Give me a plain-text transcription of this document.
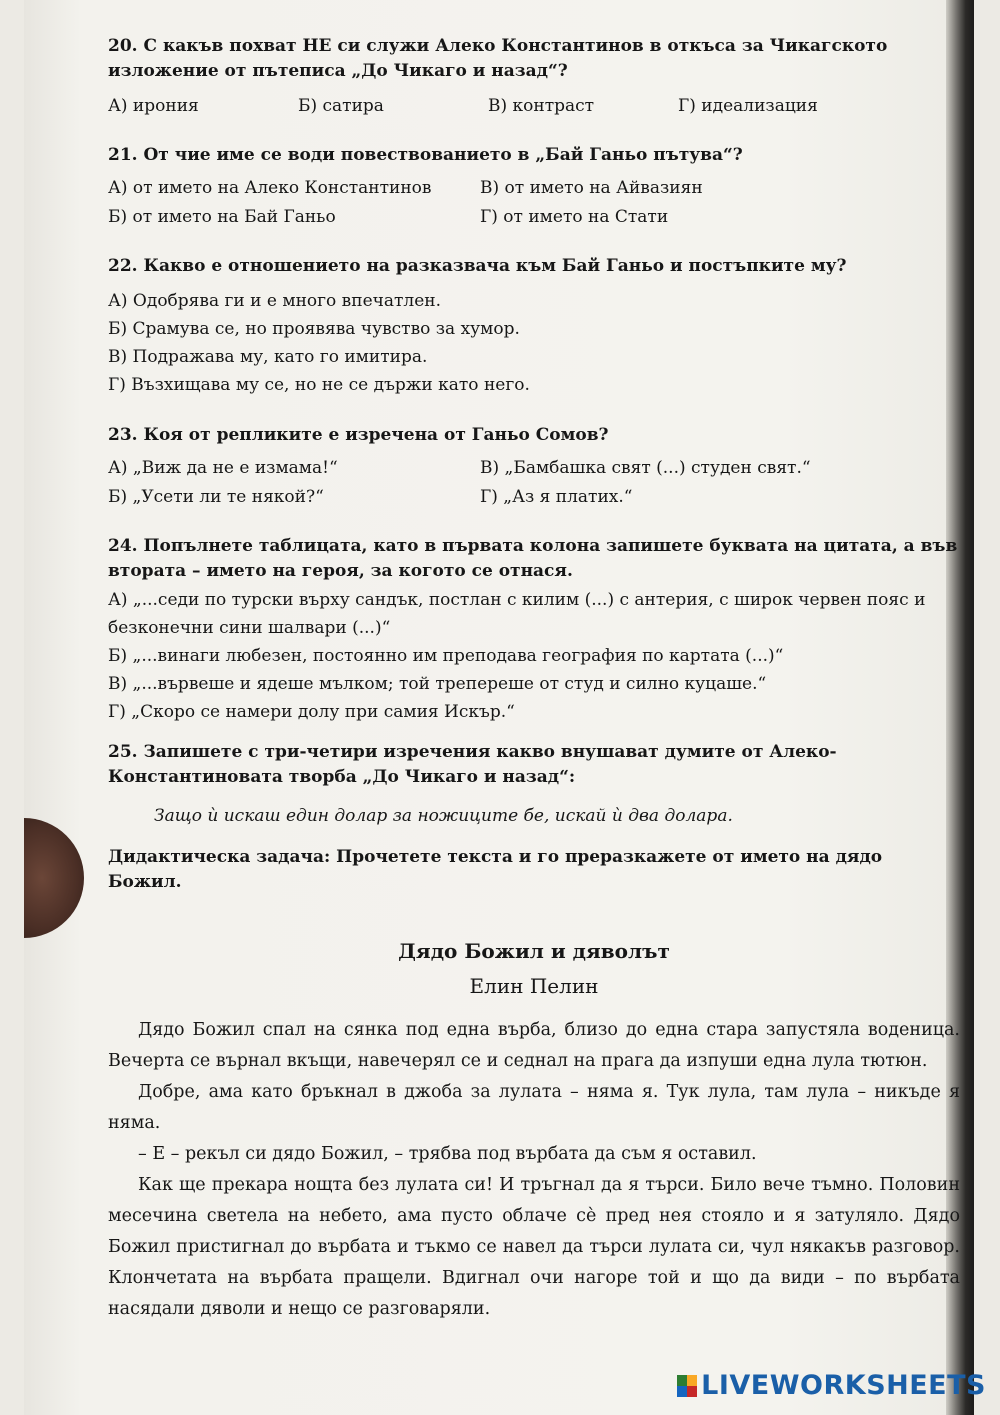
20. С какъв похват НЕ си служи Алеко Константинов в откъса за Чикагското изложение от пътеписа „До Чикаго и назад“?

А) ирония	Б) сатира	В) контраст	Г) идеализация

21. От чие име се води повествованието в „Бай Ганьо пътува“?

А) от името на Алеко Константинов	В) от името на Айвазиян
Б) от името на Бай Ганьо	Г) от името на Стати

22. Какво е отношението на разказвача към Бай Ганьо и постъпките му?

А) Одобрява ги и е много впечатлен.

Б) Срамува се, но проявява чувство за хумор.

В) Подражава му, като го имитира.

Г) Възхищава му се, но не се държи като него.

23. Коя от репликите е изречена от Ганьо Сомов?

А) „Виж да не е измама!“	В) „Бамбашка свят (...) студен свят.“
Б) „Усети ли те някой?“	Г) „Аз я платих.“

24. Попълнете таблицата, като в първата колона запишете буквата на цитата, а във втората – името на героя, за когото се отнася.

А) „...седи по турски върху сандък, постлан с килим (...) с антерия, с широк червен пояс и безконечни сини шалвари (...)“

Б) „...винаги любезен, постоянно им преподава география по картата (...)“

В) „...вървеше и ядеше мълком; той трепереше от студ и силно куцаше.“

Г) „Скоро се намери долу при самия Искър.“

25. Запишете с три-четири изречения какво внушават думите от Алеко-Константиновата творба „До Чикаго и назад“:

Защо ѝ искаш един долар за ножиците бе, искай ѝ два долара.

Дидактическа задача: Прочетете текста и го преразкажете от името на дядо Божил.

Дядо Божил и дяволът

Елин Пелин

Дядо Божил спал на сянка под една върба, близо до една стара запустяла воденица. Вечерта се върнал вкъщи, навечерял се и седнал на прага да изпуши една лула тютюн.

Добре, ама като бръкнал в джоба за лулата – няма я. Тук лула, там лула – никъде я няма.

– Е – рекъл си дядо Божил, – трябва под върбата да съм я оставил.

Как ще прекара нощта без лулата си! И тръгнал да я търси. Било вече тъмно. Половин месечина светела на небето, ама пусто облаче сѐ пред нея стояло и я затуляло. Дядо Божил пристигнал до върбата и тъкмо се навел да търси лулата си, чул някакъв разговор. Клончетата на върбата пращели. Вдигнал очи нагоре той и що да види – по върбата насядали дяволи и нещо се разговаряли.

LIVEWORKSHEETS
